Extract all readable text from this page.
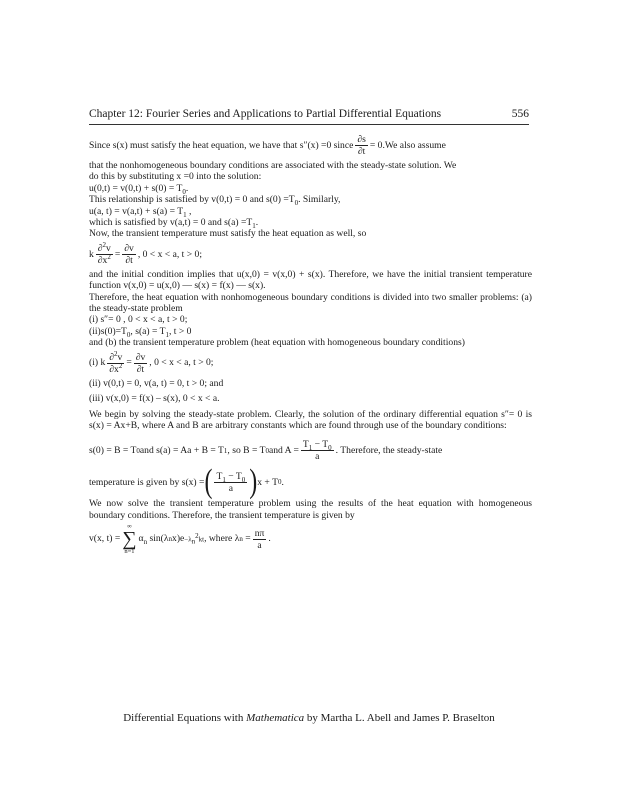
Chapter 12: Fourier Series and Applications to Partial Differential Equations	556
Since s(x) must satisfy the heat equation, we have that s″(x) =0 since $\frac{\partial s}{\partial t} = 0.We$ also assume

that the nonhomogeneous boundary conditions are associated with the steady-state solution. We

do this by substituting x =0 into the solution:

$u(0,t) = v(0,t) + s(0) = T_0$.

This relationship is satisfied by v(0,t) = 0 and $s(0) =T_0$. Similarly,

u(a, $t) = v(a,t) + s(a) = T_1$ ,

which is satisfied by v(a,t) = 0 and $s(a) =T_1$.

Now, the transient temperature must satisfy the heat equation as well, so

k $\frac{\partial^2v}{\partial x^2} = \frac{\partial v}{\partial t}$ , 0 < x < a, t > 0;

and the initial condition implies that u(x,0) = v(x,0) + s(x). Therefore, we have the initial transient temperature function v(x,0) = u(x,0) — s(x) = f(x) — s(x).

Therefore, the heat equation with nonhomogeneous boundary conditions is divided into two smaller problems: (a) the steady-state problem

(i) s″= 0 , 0 < x < a, t > 0;

$(ii)s(0)=T_0$, $s(a) = T_1$, t > 0

and (b) the transient temperature problem (heat equation with homogeneous boundary conditions)

(i)
k $\frac{\partial^2v}{\partial x^2} = \frac{\partial v}{\partial t}$ , 0 < x < a, t > 0;

(ii) v(0,t) = 0, v(a, t) = 0, t > 0; and

(iii) v(x,0) = f(x) – s(x), 0 < x < a.

We begin by solving the steady-state problem. Clearly, the solution of the ordinary differential equation s″= 0 is s(x) = Ax+B, where A and B are arbitrary constants which are found through use of the boundary conditions:

s(0) = B = T 0 and s(a) = Aa + B = T 1 , so B = T 0 and $A = \frac{T_1 - T_0}{a}$ . Therefore, the steady-state
temperature is given by s(x) = ( $\frac{T_1 - T_0}{a}$ ) x + T 0 .

We now solve the transient temperature problem using the results of the heat equation with homogeneous boundary conditions. Therefore, the transient temperature is given by

v(x, t) =
∞
∑
n=1
$\alpha_n$ sin(λ n $x)e -\lambda_n^2kt$ , where λ n
= $\frac{n\pi}{a}$ .
Differential Equations with Mathematica by Martha L. Abell and James P. Braselton
